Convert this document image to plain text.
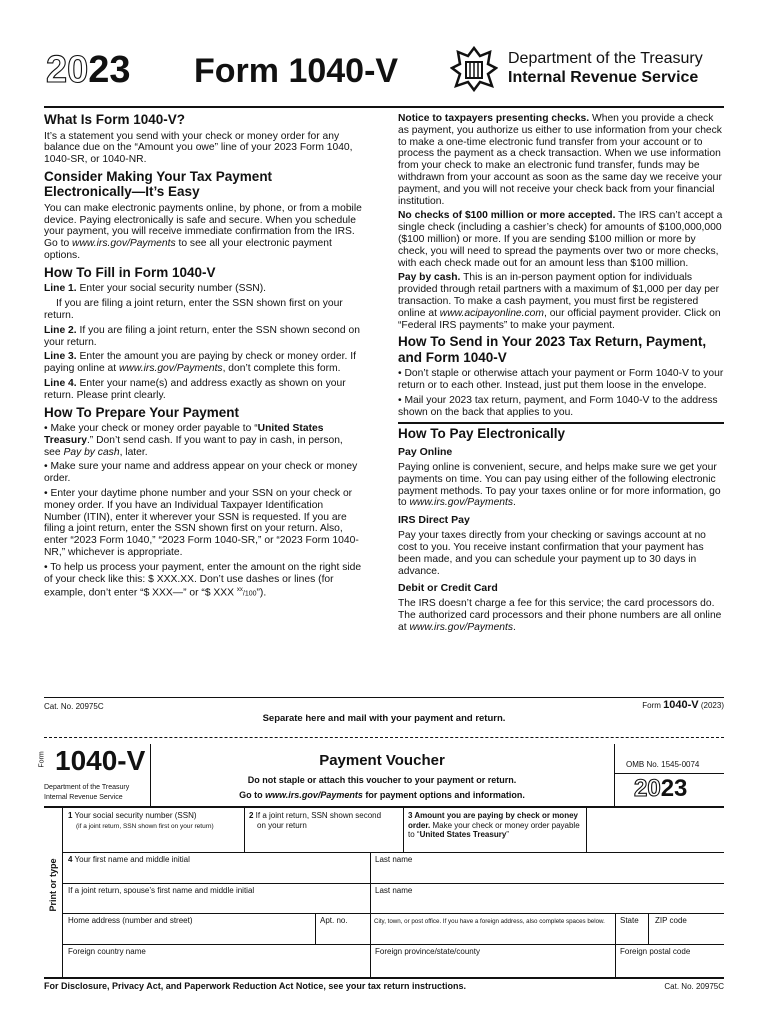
2023 Form 1040-V	Department of the Treasury
Internal Revenue Service
What Is Form 1040-V?

It’s a statement you send with your check or money order for any balance due on the “Amount you owe” line of your 2023 Form 1040, 1040-SR, or 1040-NR.

Consider Making Your Tax Payment Electronically—It’s Easy

You can make electronic payments online, by phone, or from a mobile device. Paying electronically is safe and secure. When you schedule your payment, you will receive immediate confirmation from the IRS. Go to www.irs.gov/Payments to see all your electronic payment options.

How To Fill in Form 1040-V

Line 1. Enter your social security number (SSN).

If you are filing a joint return, enter the SSN shown first on your return.

Line 2. If you are filing a joint return, enter the SSN shown second on your return.

Line 3. Enter the amount you are paying by check or money order. If paying online at www.irs.gov/Payments, don’t complete this form.

Line 4. Enter your name(s) and address exactly as shown on your return. Please print clearly.

How To Prepare Your Payment

• Make your check or money order payable to “United States Treasury.” Don’t send cash. If you want to pay in cash, in person, see Pay by cash, later.

• Make sure your name and address appear on your check or money order.

• Enter your daytime phone number and your SSN on your check or money order. If you have an Individual Taxpayer Identification Number (ITIN), enter it wherever your SSN is requested. If you are filing a joint return, enter the SSN shown first on your return. Also, enter “2023 Form 1040,” “2023 Form 1040-SR,” or “2023 Form 1040-NR,” whichever is appropriate.

• To help us process your payment, enter the amount on the right side of your check like this: $ XXX.XX. Don’t use dashes or lines (for example, don’t enter “$ XXX—” or “$ XXX $^{xx}$/100”).

Notice to taxpayers presenting checks. When you provide a check as payment, you authorize us either to use information from your check to make a one-time electronic fund transfer from your account or to process the payment as a check transaction. When we use information from your check to make an electronic fund transfer, funds may be withdrawn from your account as soon as the same day we receive your payment, and you will not receive your check back from your financial institution.

No checks of $100 million or more accepted. The IRS can’t accept a single check (including a cashier’s check) for amounts of $100,000,000 ($100 million) or more. If you are sending $100 million or more by check, you will need to spread the payments over two or more checks, with each check made out for an amount less than $100 million.

Pay by cash. This is an in-person payment option for individuals provided through retail partners with a maximum of $1,000 per day per transaction. To make a cash payment, you must first be registered online at www.acipayonline.com, our official payment provider. Click on “Federal IRS payments” to make your payment.

How To Send in Your 2023 Tax Return, Payment, and Form 1040-V

• Don’t staple or otherwise attach your payment or Form 1040-V to your return or to each other. Instead, just put them loose in the envelope.

• Mail your 2023 tax return, payment, and Form 1040-V to the address shown on the back that applies to you.

How To Pay Electronically
Pay Online

Paying online is convenient, secure, and helps make sure we get your payments on time. You can pay using either of the following electronic payment methods. To pay your taxes online or for more information, go to www.irs.gov/Payments.

IRS Direct Pay

Pay your taxes directly from your checking or savings account at no cost to you. You receive instant confirmation that your payment has been made, and you can schedule your payment up to 30 days in advance.

Debit or Credit Card

The IRS doesn’t charge a fee for this service; the card processors do. The authorized card processors and their phone numbers are all online at www.irs.gov/Payments.

Cat. No. 20975C	Form 1040-V (2023)
Separate here and mail with your payment and return.
Form 1040-V
Department of the Treasury
Internal Revenue Service
Payment Voucher
Do not staple or attach this voucher to your payment or return.
Go to www.irs.gov/Payments for payment options and information.
OMB No. 1545-0074
2023
Print or type
1 Your social security number (SSN)
(if a joint return, SSN shown first on your return)
2 If a joint return, SSN shown second
on your return
3 Amount you are paying by check or money order. Make your check or money order payable to “United States Treasury”
4 Your first name and middle initial	Last name
If a joint return, spouse’s first name and middle initial	Last name
Home address (number and street)	Apt. no.	City, town, or post office. If you have a foreign address, also complete spaces below.	State ZIP code
Foreign country name	Foreign province/state/county	Foreign postal code
For Disclosure, Privacy Act, and Paperwork Reduction Act Notice, see your tax return instructions.	Cat. No. 20975C
